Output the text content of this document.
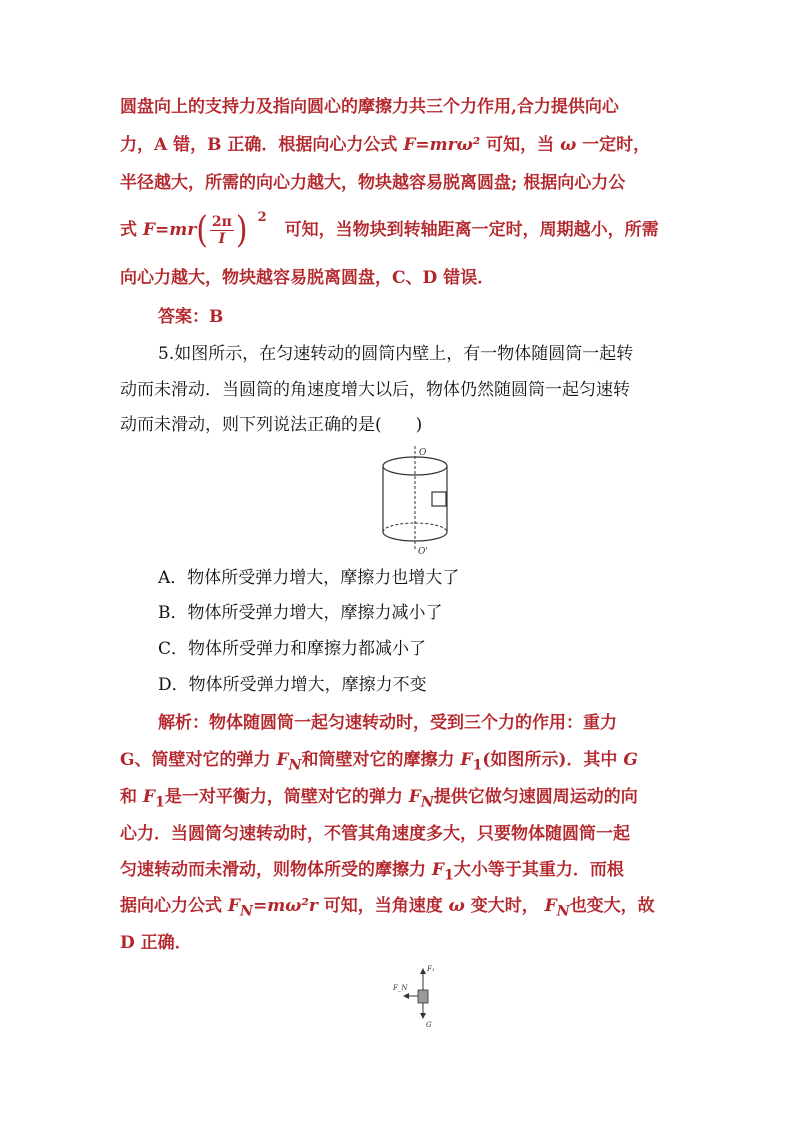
圆盘向上的支持力及指向圆心的摩擦力共三个力作用,合力提供向心
力，A 错，B 正确．根据向心力公式 F=mrω² 可知，当 ω 一定时，
半径越大，所需的向心力越大，物块越容易脱离圆盘; 根据向心力公
式 $F=mr( \frac{2\pi}{I}$ ) $^2$ 可知，当物块到转轴距离一定时，周期越小，所需
向心力越大，物块越容易脱离圆盘，C、D 错误．
答案：B
5.如图所示，在匀速转动的圆筒内壁上，有一物体随圆筒一起转
动而未滑动．当圆筒的角速度增大以后，物体仍然随圆筒一起匀速转
动而未滑动，则下列说法正确的是(　　)
O
O'
A．物体所受弹力增大，摩擦力也增大了
B．物体所受弹力增大，摩擦力减小了
C．物体所受弹力和摩擦力都减小了
D．物体所受弹力增大，摩擦力不变
解析：物体随圆筒一起匀速转动时，受到三个力的作用：重力
G、筒壁对它的弹力 $F_N$和筒壁对它的摩擦力 $F_1$(如图所示)．其中 G
和 $F_1$是一对平衡力，筒壁对它的弹力 $F_N$提供它做匀速圆周运动的向
心力．当圆筒匀速转动时，不管其角速度多大，只要物体随圆筒一起
匀速转动而未滑动，则物体所受的摩擦力 $F_1$大小等于其重力．而根
据向心力公式 $F_N=m\omega^2r$ 可知，当角速度 ω 变大时， $F_N$也变大，故
D 正确．
F₁
F_N
G
